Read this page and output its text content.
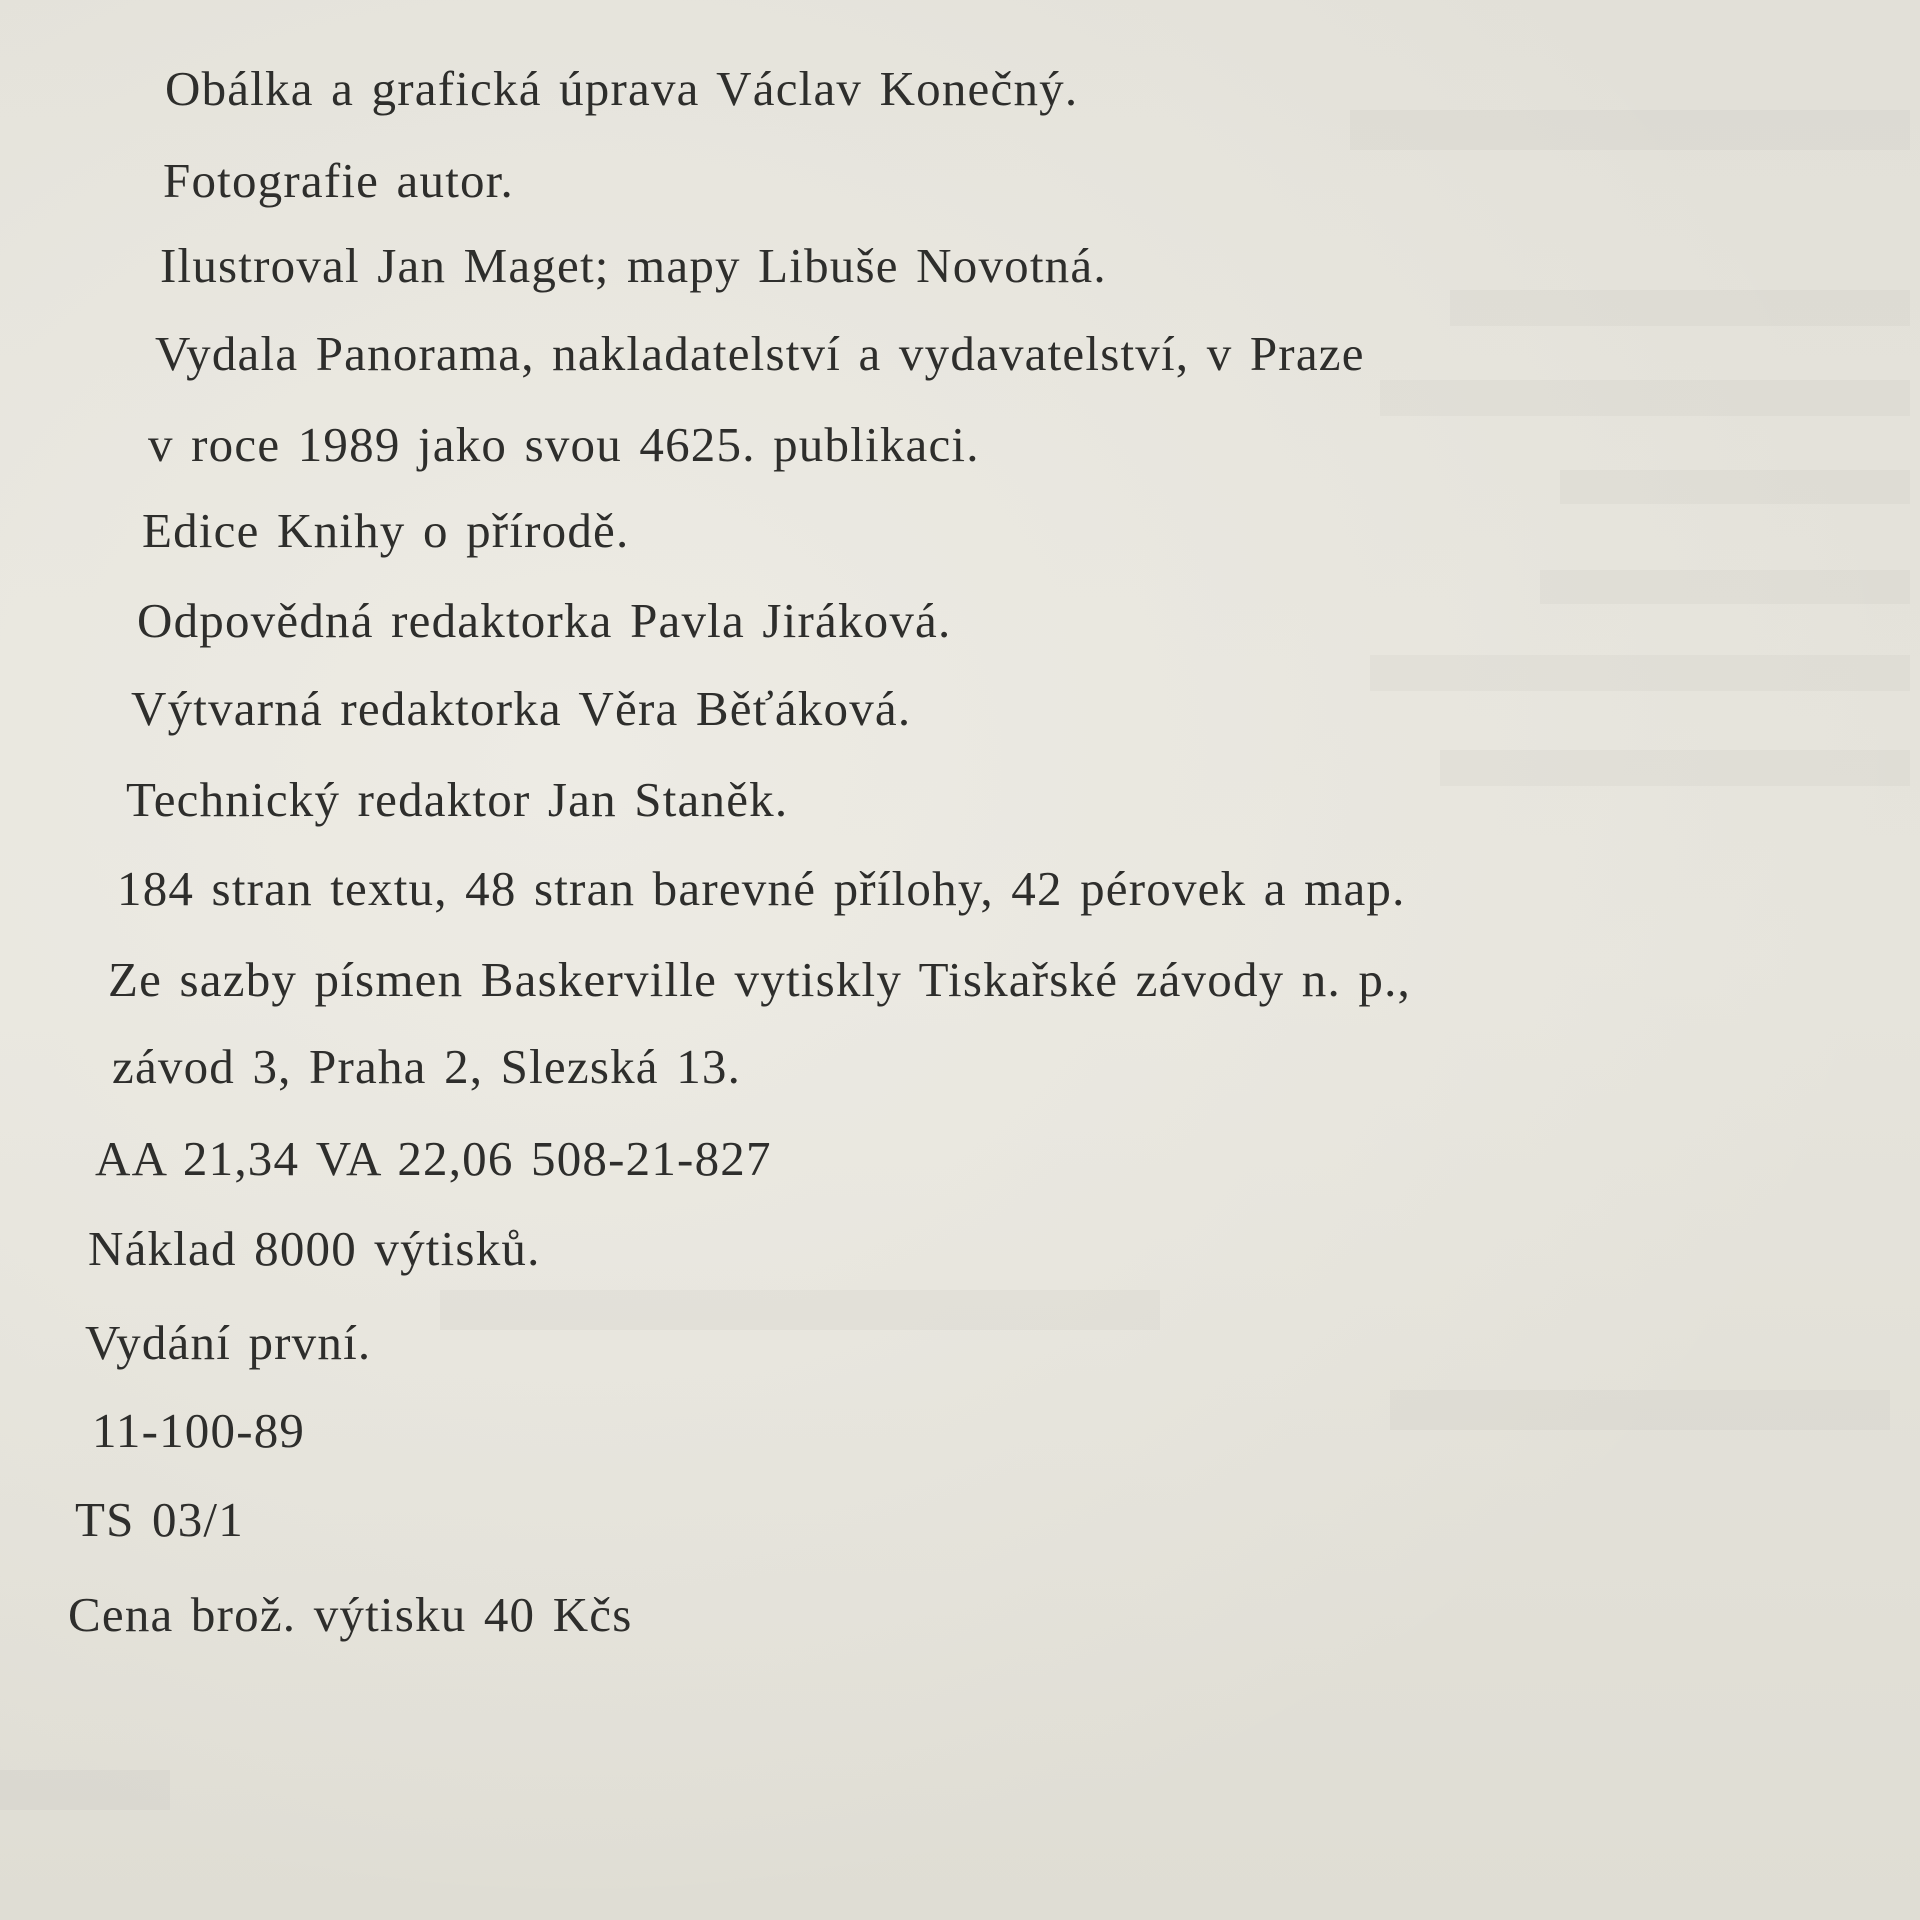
Obálka a grafická úprava Václav Konečný.
Fotografie autor.
Ilustroval Jan Maget; mapy Libuše Novotná.
Vydala Panorama, nakladatelství a vydavatelství, v Praze
v roce 1989 jako svou 4625. publikaci.
Edice Knihy o přírodě.
Odpovědná redaktorka Pavla Jiráková.
Výtvarná redaktorka Věra Běťáková.
Technický redaktor Jan Staněk.
184 stran textu, 48 stran barevné přílohy, 42 pérovek a map.
Ze sazby písmen Baskerville vytiskly Tiskařské závody n. p.,
závod 3, Praha 2, Slezská 13.
AA 21,34 VA 22,06 508-21-827
Náklad 8000 výtisků.
Vydání první.
11-100-89
TS 03/1
Cena brož. výtisku 40 Kčs
